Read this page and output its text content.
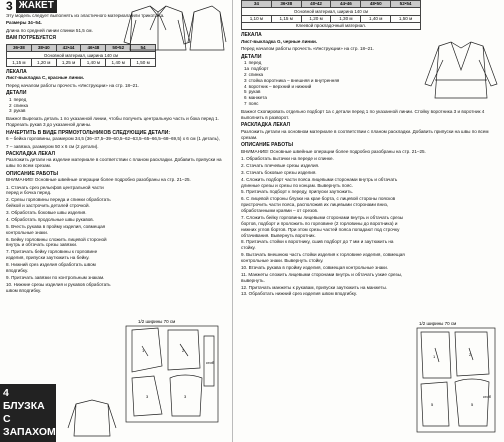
3 ЖАКЕТ
Эту модель следует выполнять из эластичного материала или трикотажа.
Размеры 34–54.
Длина по средней линии спинки 51,5 см.
ВАМ ПОТРЕБУЕТСЯ
36•38	38•40	42•44	46•48	50•52	54
Основной материал, ширина 140 см					
1,15 м	1,20 м	1,25 м	1,40 м	1,40 м	1,50 м
ЛЕКАЛА
Лист-выкладка С, красные линии.
Перед началом работы прочесть «Инструкции» на стр. 18–21.
ДЕТАЛИ
1 перед
2 спинка
3 рукав
Важно! Вырезать деталь 1 по указанной линии, чтобы получить центральную часть и бока перед 1. Подрезать рукав 3 до указанной длины.
НАЧЕРТИТЬ В ВИДЕ ПРЯМОУГОЛЬНИКОВ СЛЕДУЮЩИЕ ДЕТАЛИ:
6 – бейка горловины, размером 34,5 (36–37,5–39–60,5–62–63,5–65–66,5–68–69,5) х 6 см (1 деталь),
7 – завязка, размером 50 х 6 см (2 детали).
РАСКЛАДКА ЛЕКАЛ
Разложить детали на изделие материале в соответствии с планом раскладки. Добавить припуски на швы по всем срезам.
ОПИСАНИЕ РАБОТЫ
ВНИМАНИЕ! Основные швейные операции более подробно разобраны на стр. 21–25.
1. Стачать срез рельефов центральной части перед и бочка перед.
2. Срезы горловины переда и спинки обработать бейкой и застрочить деталей строчкой.
3. Обработать боковые швы изделия.
4. Обработать продольные швы рукавов.
5. Вчесть рукава в пройму изделия, совмещая контрольные знаки.
6. Бейку горловины сложить лицевой стороной внутрь и обтачать срезы завязки.
7. Притачать бейку горловины к горловине изделия, припуски заутюжить на бейку.
8. Нижний срез изделия обработать швом вподгибку.
9. Притачать завязки по контрольным знакам.
10. Нижние срезы изделия и рукавов обработать швом вподгибку.
1/2 ширины 70 см
1	2
3	3
сгиб
4 БЛУЗКА
С ЗАПАХОМ
34	36•38	40•42	44•46	48•50	52•54
Основной материал, ширина 140 см					
1,10 м	1,15 м	1,20 м	1,30 м	1,40 м	1,50 м
Клеевой прокладочный материал.					
ЛЕКАЛА
Лист-выкладка G, черные линии.
Перед началом работы прочесть «Инструкции» на стр. 18–21.
ДЕТАЛИ
1 перед
1а подборт
2 спинка
3 стойка воротника – внешняя и внутренняя
4 воротник – верхний и нижний
5 рукав
6 манжета
7 пояс
Важно! Скопировать отдельно подборт 1а с детали перед 1 по указанной линии. Стойку воротника 3 и воротник 4 выполнить в разворот.
РАСКЛАДКА ЛЕКАЛ
Разложить детали на основном материале в соответствии с планом раскладки. Добавить припуски на швы по всем срезам.
ОПИСАНИЕ РАБОТЫ
ВНИМАНИЕ! Основные швейные операции более подробно разобраны на стр. 21–25.
1. Обработать вытачки на переде и спинке.
2. Стачать плечевые срезы изделия.
3. Стачать боковые срезы изделия.
4. Сложить подборт части пояса лицевыми сторонами внутрь и обтачать длинные срезы и срезы по концам. Вывернуть пояс.
5. Притачать подборт к переду, припуски заутюжить.
6. С лицевой стороны блузки на крае борта, с лицевой стороны поясков пристрочить части пояса, расположив их лицевыми сторонами вниз, обработанными краями – от срезов.
7. Сложить бейку горловины лицевыми сторонами внутрь и обтачать срезы бортов, подборт и проложить по горловине (2 горловины до воротника) и нижних углов бортов. При этом срезы частей пояса попадают под строчку обтачивания. Вывернуть воротник.
8. Притачать стойки к воротнику, сшив подборт до 7 мм и заутюжить на стойку.
9. Вытачать внешнюю часть стойки изделия к горловине изделия, совмещая контрольные знаки. Вывернуть стойку.
10. Втачать рукава в пройму изделия, совмещая контрольные знаки.
11. Манжеты сложить лицевыми сторонами внутрь и обтачать узкие срезы, вывернуть.
12. Притачать манжеты к рукавам, припуски заутюжить на манжеты.
13. Обработать нижний срез изделия швом вподгибку.
1/2 ширины 70 см
1	2
5	5
сгиб
